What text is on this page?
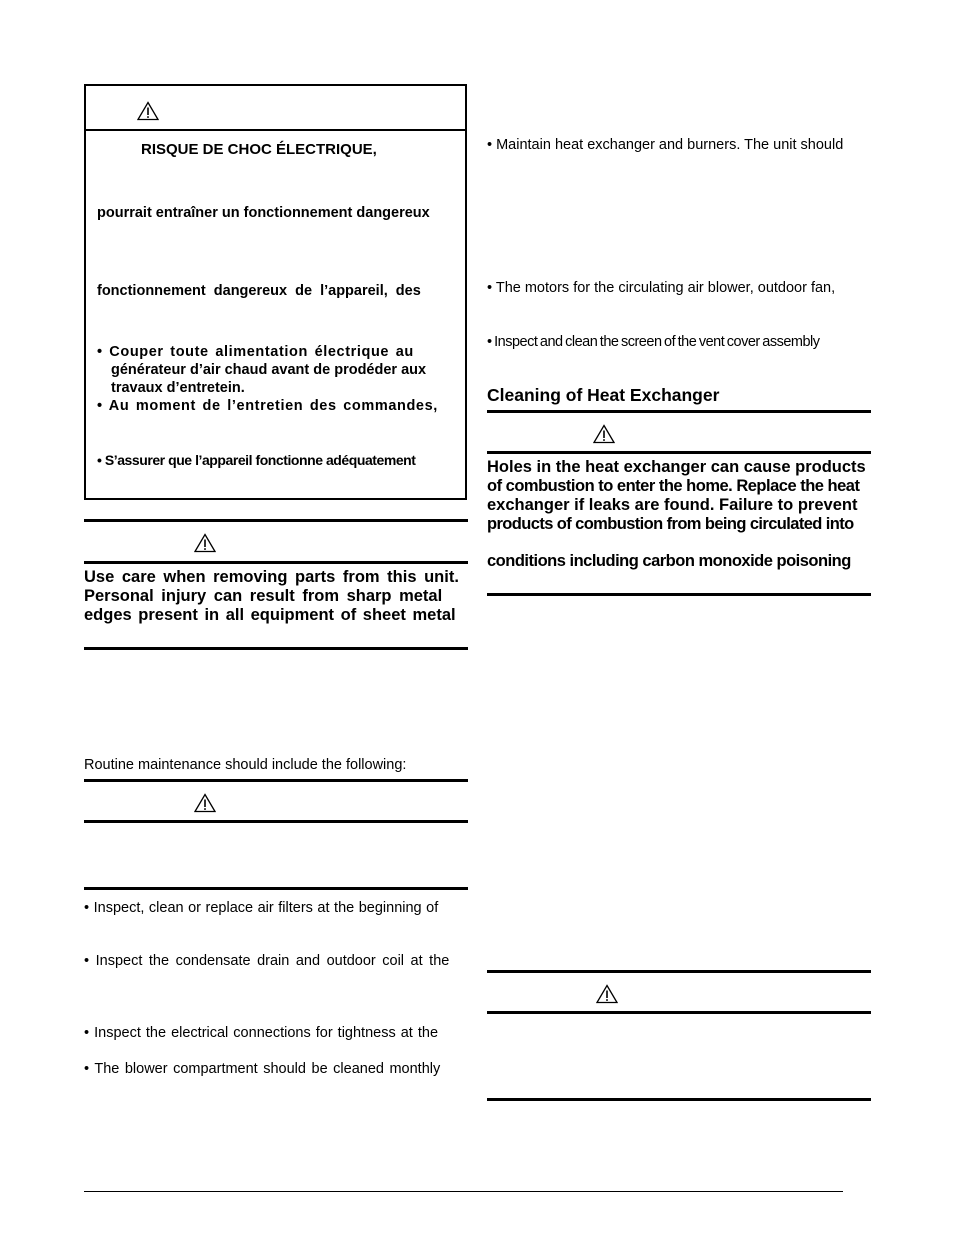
RISQUE DE CHOC ÉLECTRIQUE,
pourrait entraîner un fonctionnement dangereux
fonctionnement dangereux de l’appareil, des
• Couper toute alimentation électrique au
générateur d’air chaud avant de prodéder aux
travaux d’entretein.
• Au moment de l’entretien des commandes,
• S’assurer que l’appareil fonctionne adéquatement
Use care when removing parts from this unit.
Personal injury can result from sharp metal
edges present in all equipment of sheet metal
Routine maintenance should include the following:
• Inspect, clean or replace air filters at the beginning of
• Inspect the condensate drain and outdoor coil at the
• Inspect the electrical connections for tightness at the
• The blower compartment should be cleaned monthly
• Maintain heat exchanger and burners. The unit should
• The motors for the circulating air blower, outdoor fan,
• Inspect and clean the screen of the vent cover assembly
Cleaning of Heat Exchanger
Holes in the heat exchanger can cause products
of combustion to enter the home. Replace the heat
exchanger if leaks are found. Failure to prevent
products of combustion from being circulated into
conditions including carbon monoxide poisoning
